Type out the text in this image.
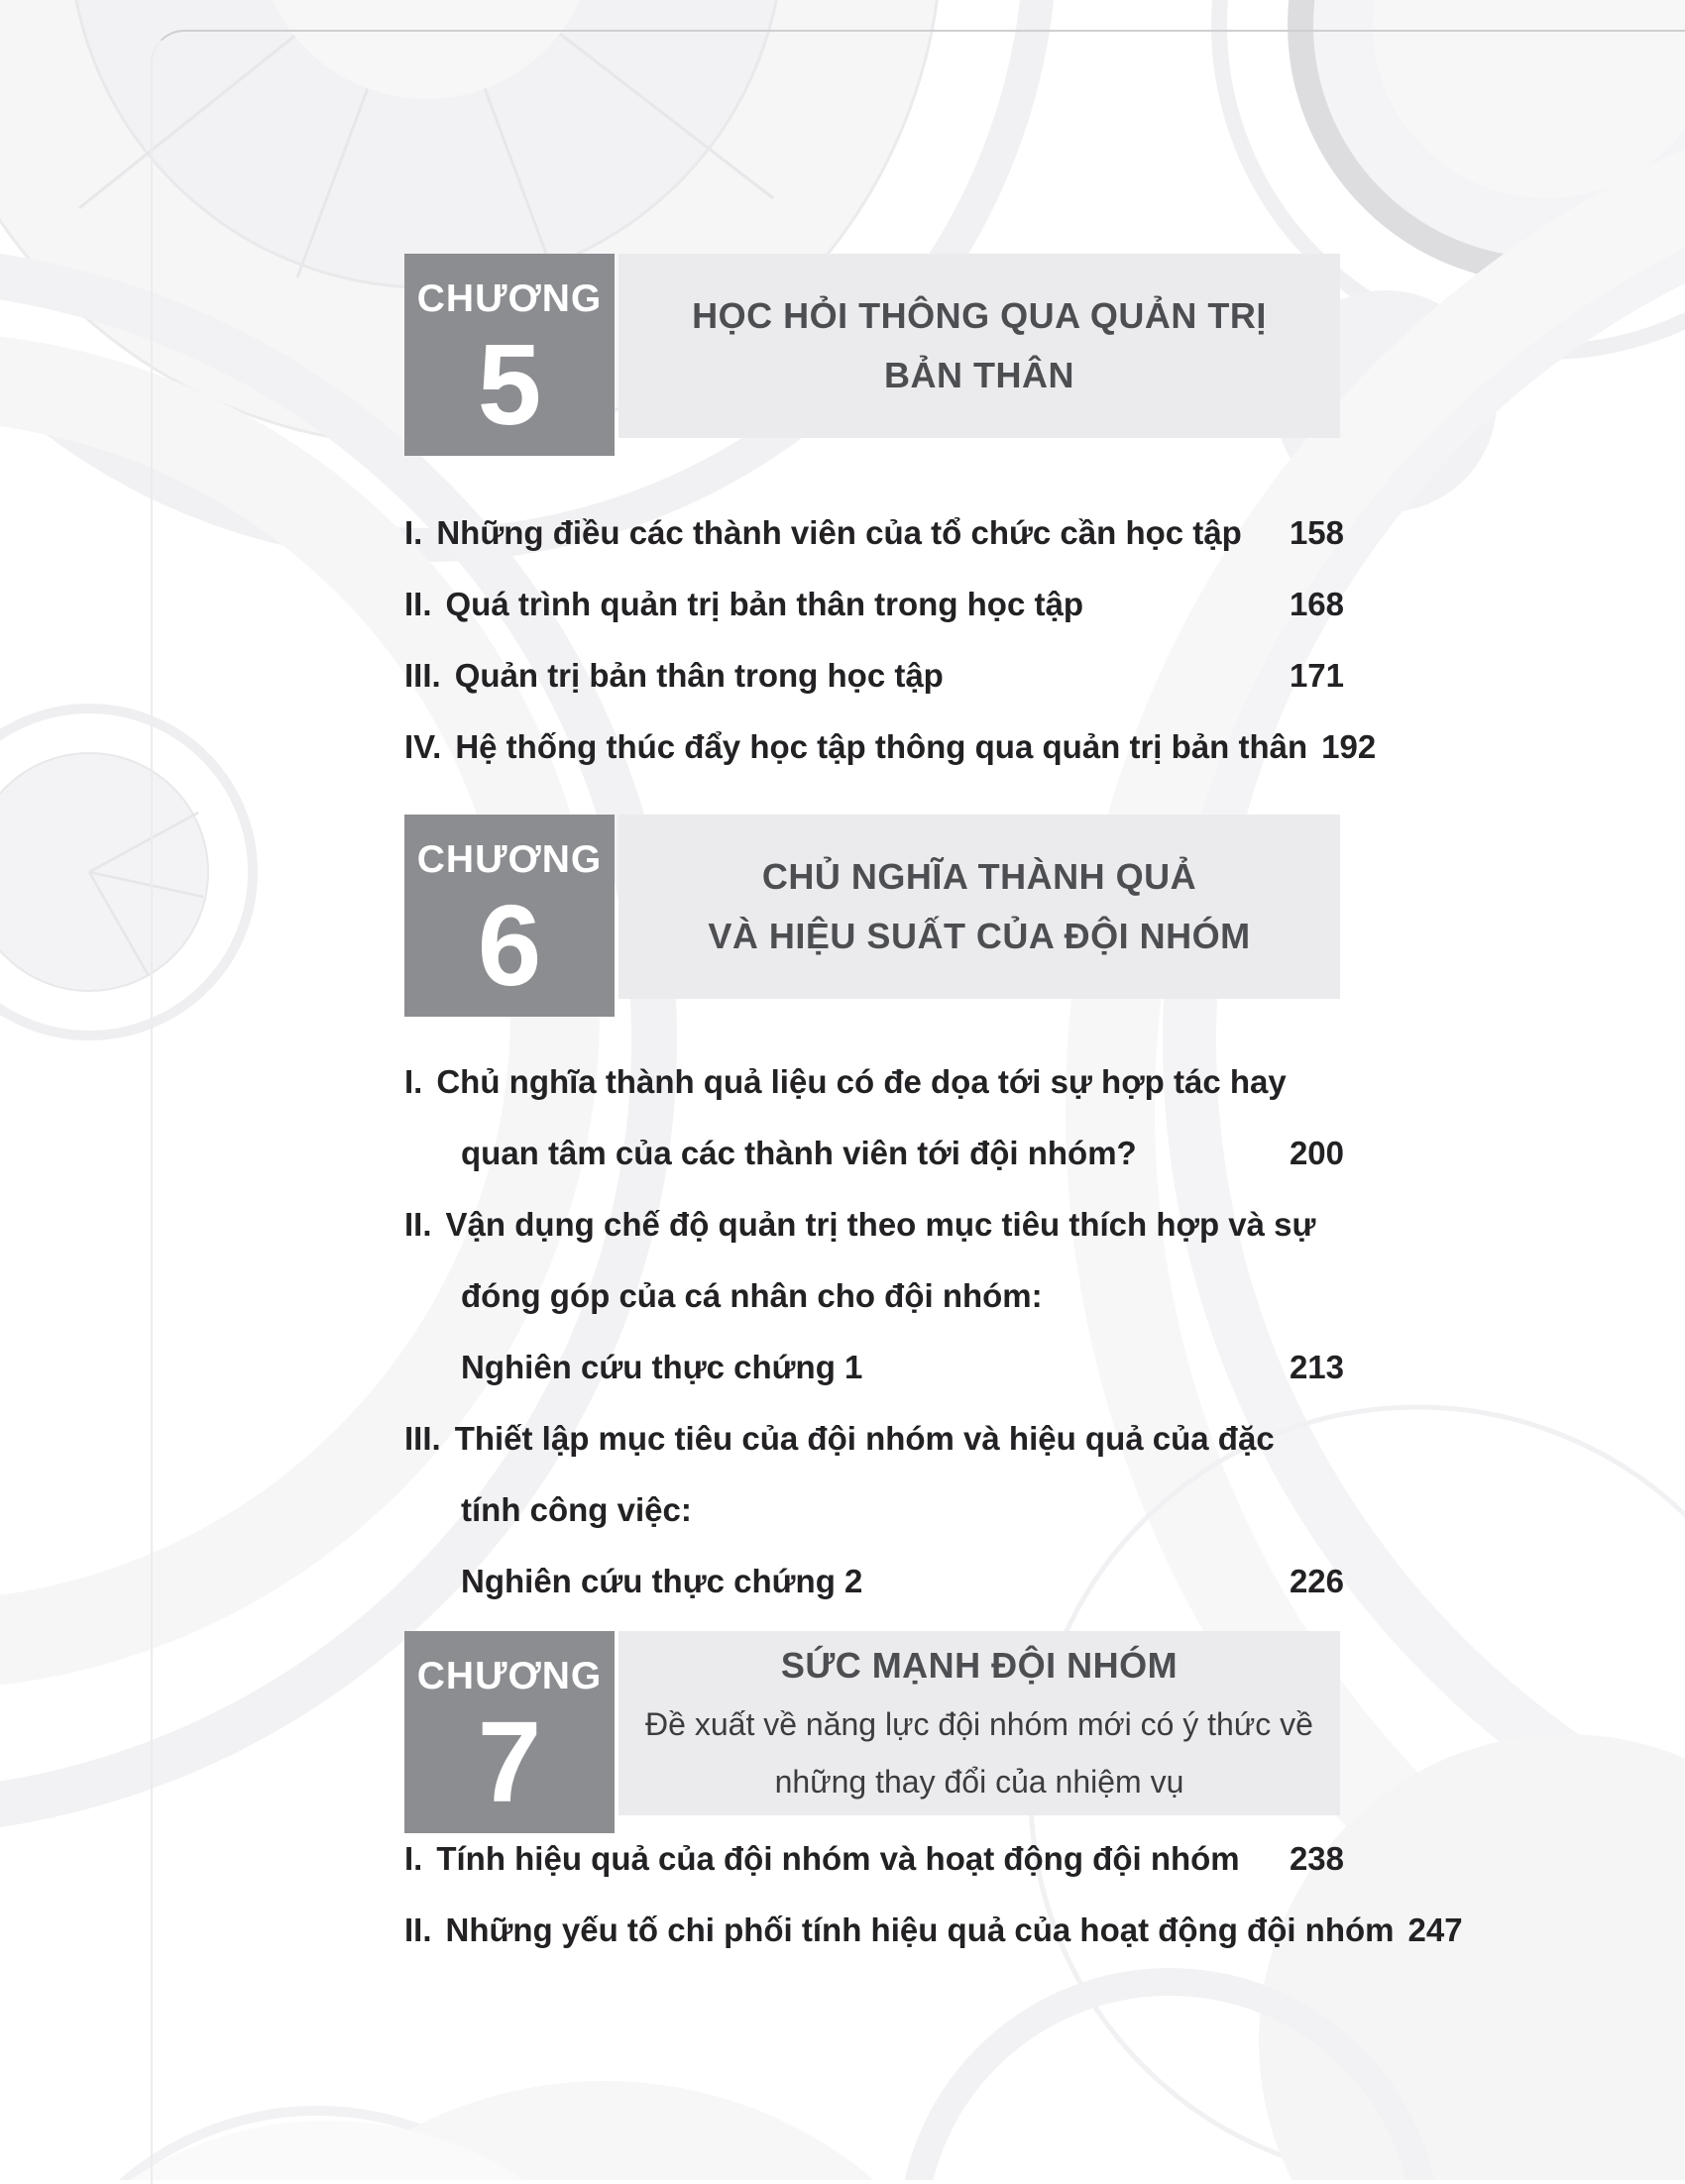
CHƯƠNG
5
HỌC HỎI THÔNG QUA QUẢN TRỊ
BẢN THÂN
I. Những điều các thành viên của tổ chức cần học tập	158
II. Quá trình quản trị bản thân trong học tập	168
III. Quản trị bản thân trong học tập	171
IV. Hệ thống thúc đẩy học tập thông qua quản trị bản thân 192
CHƯƠNG
6
CHỦ NGHĨA THÀNH QUẢ
VÀ HIỆU SUẤT CỦA ĐỘI NHÓM
I. Chủ nghĩa thành quả liệu có đe dọa tới sự hợp tác hay
quan tâm của các thành viên tới đội nhóm?	200
II. Vận dụng chế độ quản trị theo mục tiêu thích hợp và sự
đóng góp của cá nhân cho đội nhóm:
Nghiên cứu thực chứng 1	213
III. Thiết lập mục tiêu của đội nhóm và hiệu quả của đặc
tính công việc:
Nghiên cứu thực chứng 2	226
CHƯƠNG
7
SỨC MẠNH ĐỘI NHÓM
Đề xuất về năng lực đội nhóm mới có ý thức về
những thay đổi của nhiệm vụ
I. Tính hiệu quả của đội nhóm và hoạt động đội nhóm	238
II. Những yếu tố chi phối tính hiệu quả của hoạt động đội nhóm 247
